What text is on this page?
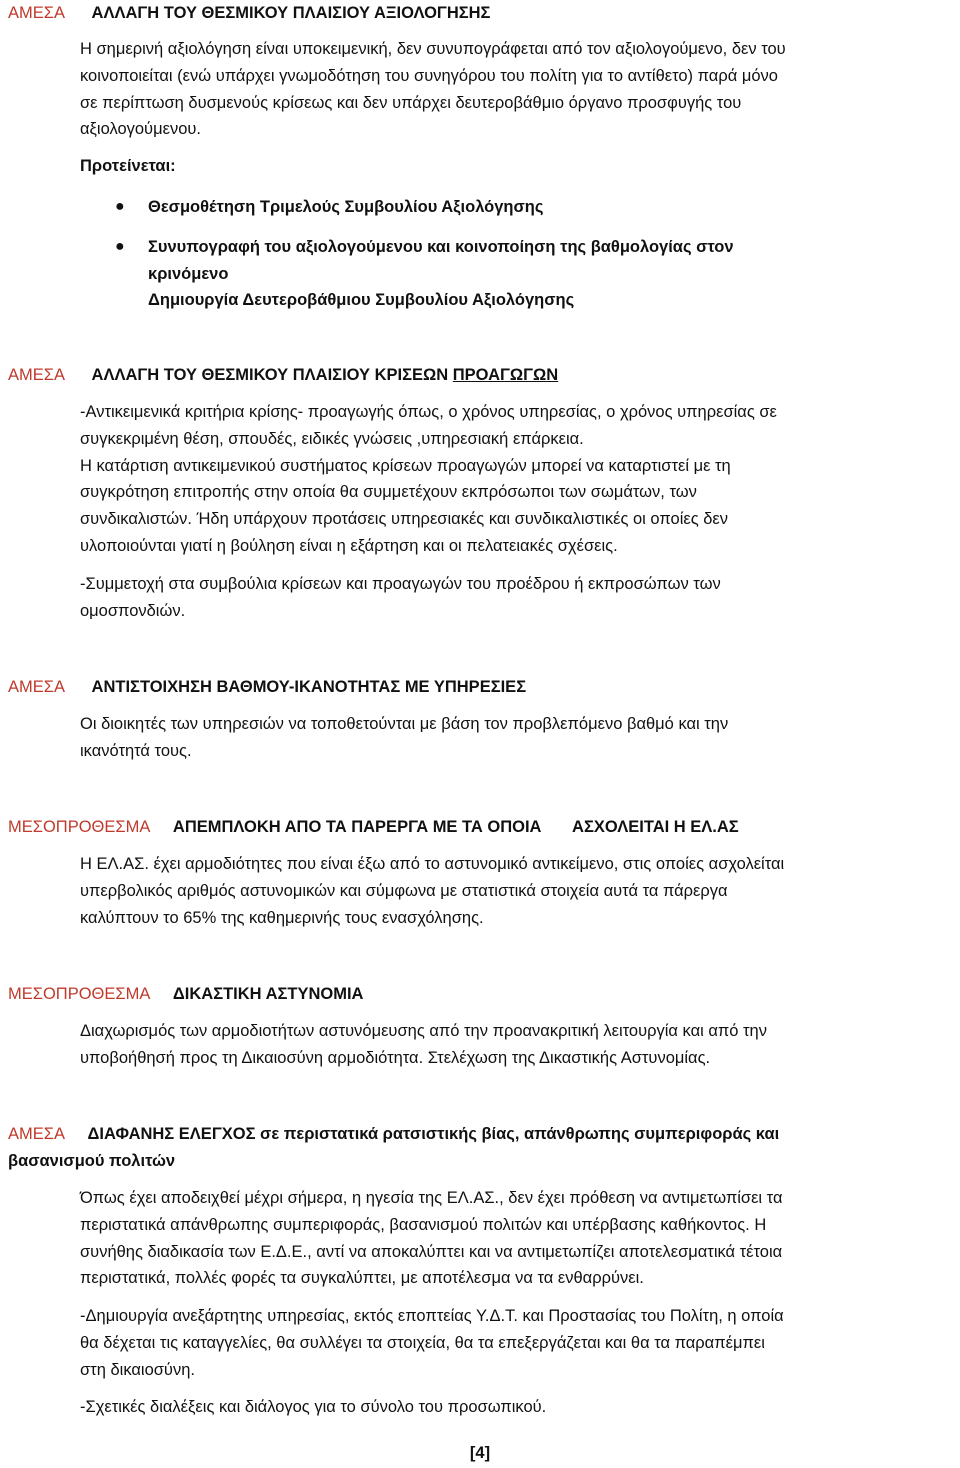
ΑΜΕΣΑ ΑΛΛΑΓΗ ΤΟΥ ΘΕΣΜΙΚΟΥ ΠΛΑΙΣΙΟΥ ΑΞΙΟΛΟΓΗΣΗΣ
Η σημερινή αξιολόγηση είναι υποκειμενική, δεν συνυπογράφεται από τον αξιολογούμενο, δεν του
κοινοποιείται (ενώ υπάρχει γνωμοδότηση του συνηγόρου του πολίτη για το αντίθετο) παρά μόνο
σε περίπτωση δυσμενούς κρίσεως και δεν υπάρχει δευτεροβάθμιο όργανο προσφυγής του
αξιολογούμενου.
Προτείνεται:
● Θεσμοθέτηση Τριμελούς Συμβουλίου Αξιολόγησης
● Συνυπογραφή του αξιολογούμενου και κοινοποίηση της βαθμολογίας στον
κρινόμενο
Δημιουργία Δευτεροβάθμιου Συμβουλίου Αξιολόγησης
ΑΜΕΣΑ ΑΛΛΑΓΗ ΤΟΥ ΘΕΣΜΙΚΟΥ ΠΛΑΙΣΙΟΥ ΚΡΙΣΕΩΝ ΠΡΟΑΓΩΓΩΝ
-Αντικειμενικά κριτήρια κρίσης- προαγωγής όπως, ο χρόνος υπηρεσίας, ο χρόνος υπηρεσίας σε
συγκεκριμένη θέση, σπουδές, ειδικές γνώσεις ,υπηρεσιακή επάρκεια.
Η κατάρτιση αντικειμενικού συστήματος κρίσεων προαγωγών μπορεί να καταρτιστεί με τη
συγκρότηση επιτροπής στην οποία θα συμμετέχουν εκπρόσωποι των σωμάτων, των
συνδικαλιστών. Ήδη υπάρχουν προτάσεις υπηρεσιακές και συνδικαλιστικές οι οποίες δεν
υλοποιούνται γιατί η βούληση είναι η εξάρτηση και οι πελατειακές σχέσεις.
-Συμμετοχή στα συμβούλια κρίσεων και προαγωγών του προέδρου ή εκπροσώπων των
ομοσπονδιών.
ΑΜΕΣΑ ΑΝΤΙΣΤΟΙΧΗΣΗ ΒΑΘΜΟΥ-ΙΚΑΝΟΤΗΤΑΣ ΜΕ ΥΠΗΡΕΣΙΕΣ
Οι διοικητές των υπηρεσιών να τοποθετούνται με βάση τον προβλεπόμενο βαθμό και την
ικανότητά τους.
ΜΕΣΟΠΡΟΘΕΣΜΑ ΑΠΕΜΠΛΟΚΗ ΑΠΟ ΤΑ ΠΑΡΕΡΓΑ ΜΕ ΤΑ ΟΠΟΙΑ ΑΣΧΟΛΕΙΤΑΙ Η ΕΛ.ΑΣ
Η ΕΛ.ΑΣ. έχει αρμοδιότητες που είναι έξω από το αστυνομικό αντικείμενο, στις οποίες ασχολείται
υπερβολικός αριθμός αστυνομικών και σύμφωνα με στατιστικά στοιχεία αυτά τα πάρεργα
καλύπτουν το 65% της καθημερινής τους ενασχόλησης.
ΜΕΣΟΠΡΟΘΕΣΜΑ ΔΙΚΑΣΤΙΚΗ ΑΣΤΥΝΟΜΙΑ
Διαχωρισμός των αρμοδιοτήτων αστυνόμευσης από την προανακριτική λειτουργία και από την
υποβοήθησή προς τη Δικαιοσύνη αρμοδιότητα. Στελέχωση της Δικαστικής Αστυνομίας.
ΑΜΕΣΑ ΔΙΑΦΑΝΗΣ ΕΛΕΓΧΟΣ σε περιστατικά ρατσιστικής βίας, απάνθρωπης συμπεριφοράς και
βασανισμού πολιτών
Όπως έχει αποδειχθεί μέχρι σήμερα, η ηγεσία της ΕΛ.ΑΣ., δεν έχει πρόθεση να αντιμετωπίσει τα
περιστατικά απάνθρωπης συμπεριφοράς, βασανισμού πολιτών και υπέρβασης καθήκοντος. Η
συνήθης διαδικασία των Ε.Δ.Ε., αντί να αποκαλύπτει και να αντιμετωπίζει αποτελεσματικά τέτοια
περιστατικά, πολλές φορές τα συγκαλύπτει, με αποτέλεσμα να τα ενθαρρύνει.
-Δημιουργία ανεξάρτητης υπηρεσίας, εκτός εποπτείας Υ.Δ.Τ. και Προστασίας του Πολίτη, η οποία
θα δέχεται τις καταγγελίες, θα συλλέγει τα στοιχεία, θα τα επεξεργάζεται και θα τα παραπέμπει
στη δικαιοσύνη.
-Σχετικές διαλέξεις και διάλογος για το σύνολο του προσωπικού.
[4]
